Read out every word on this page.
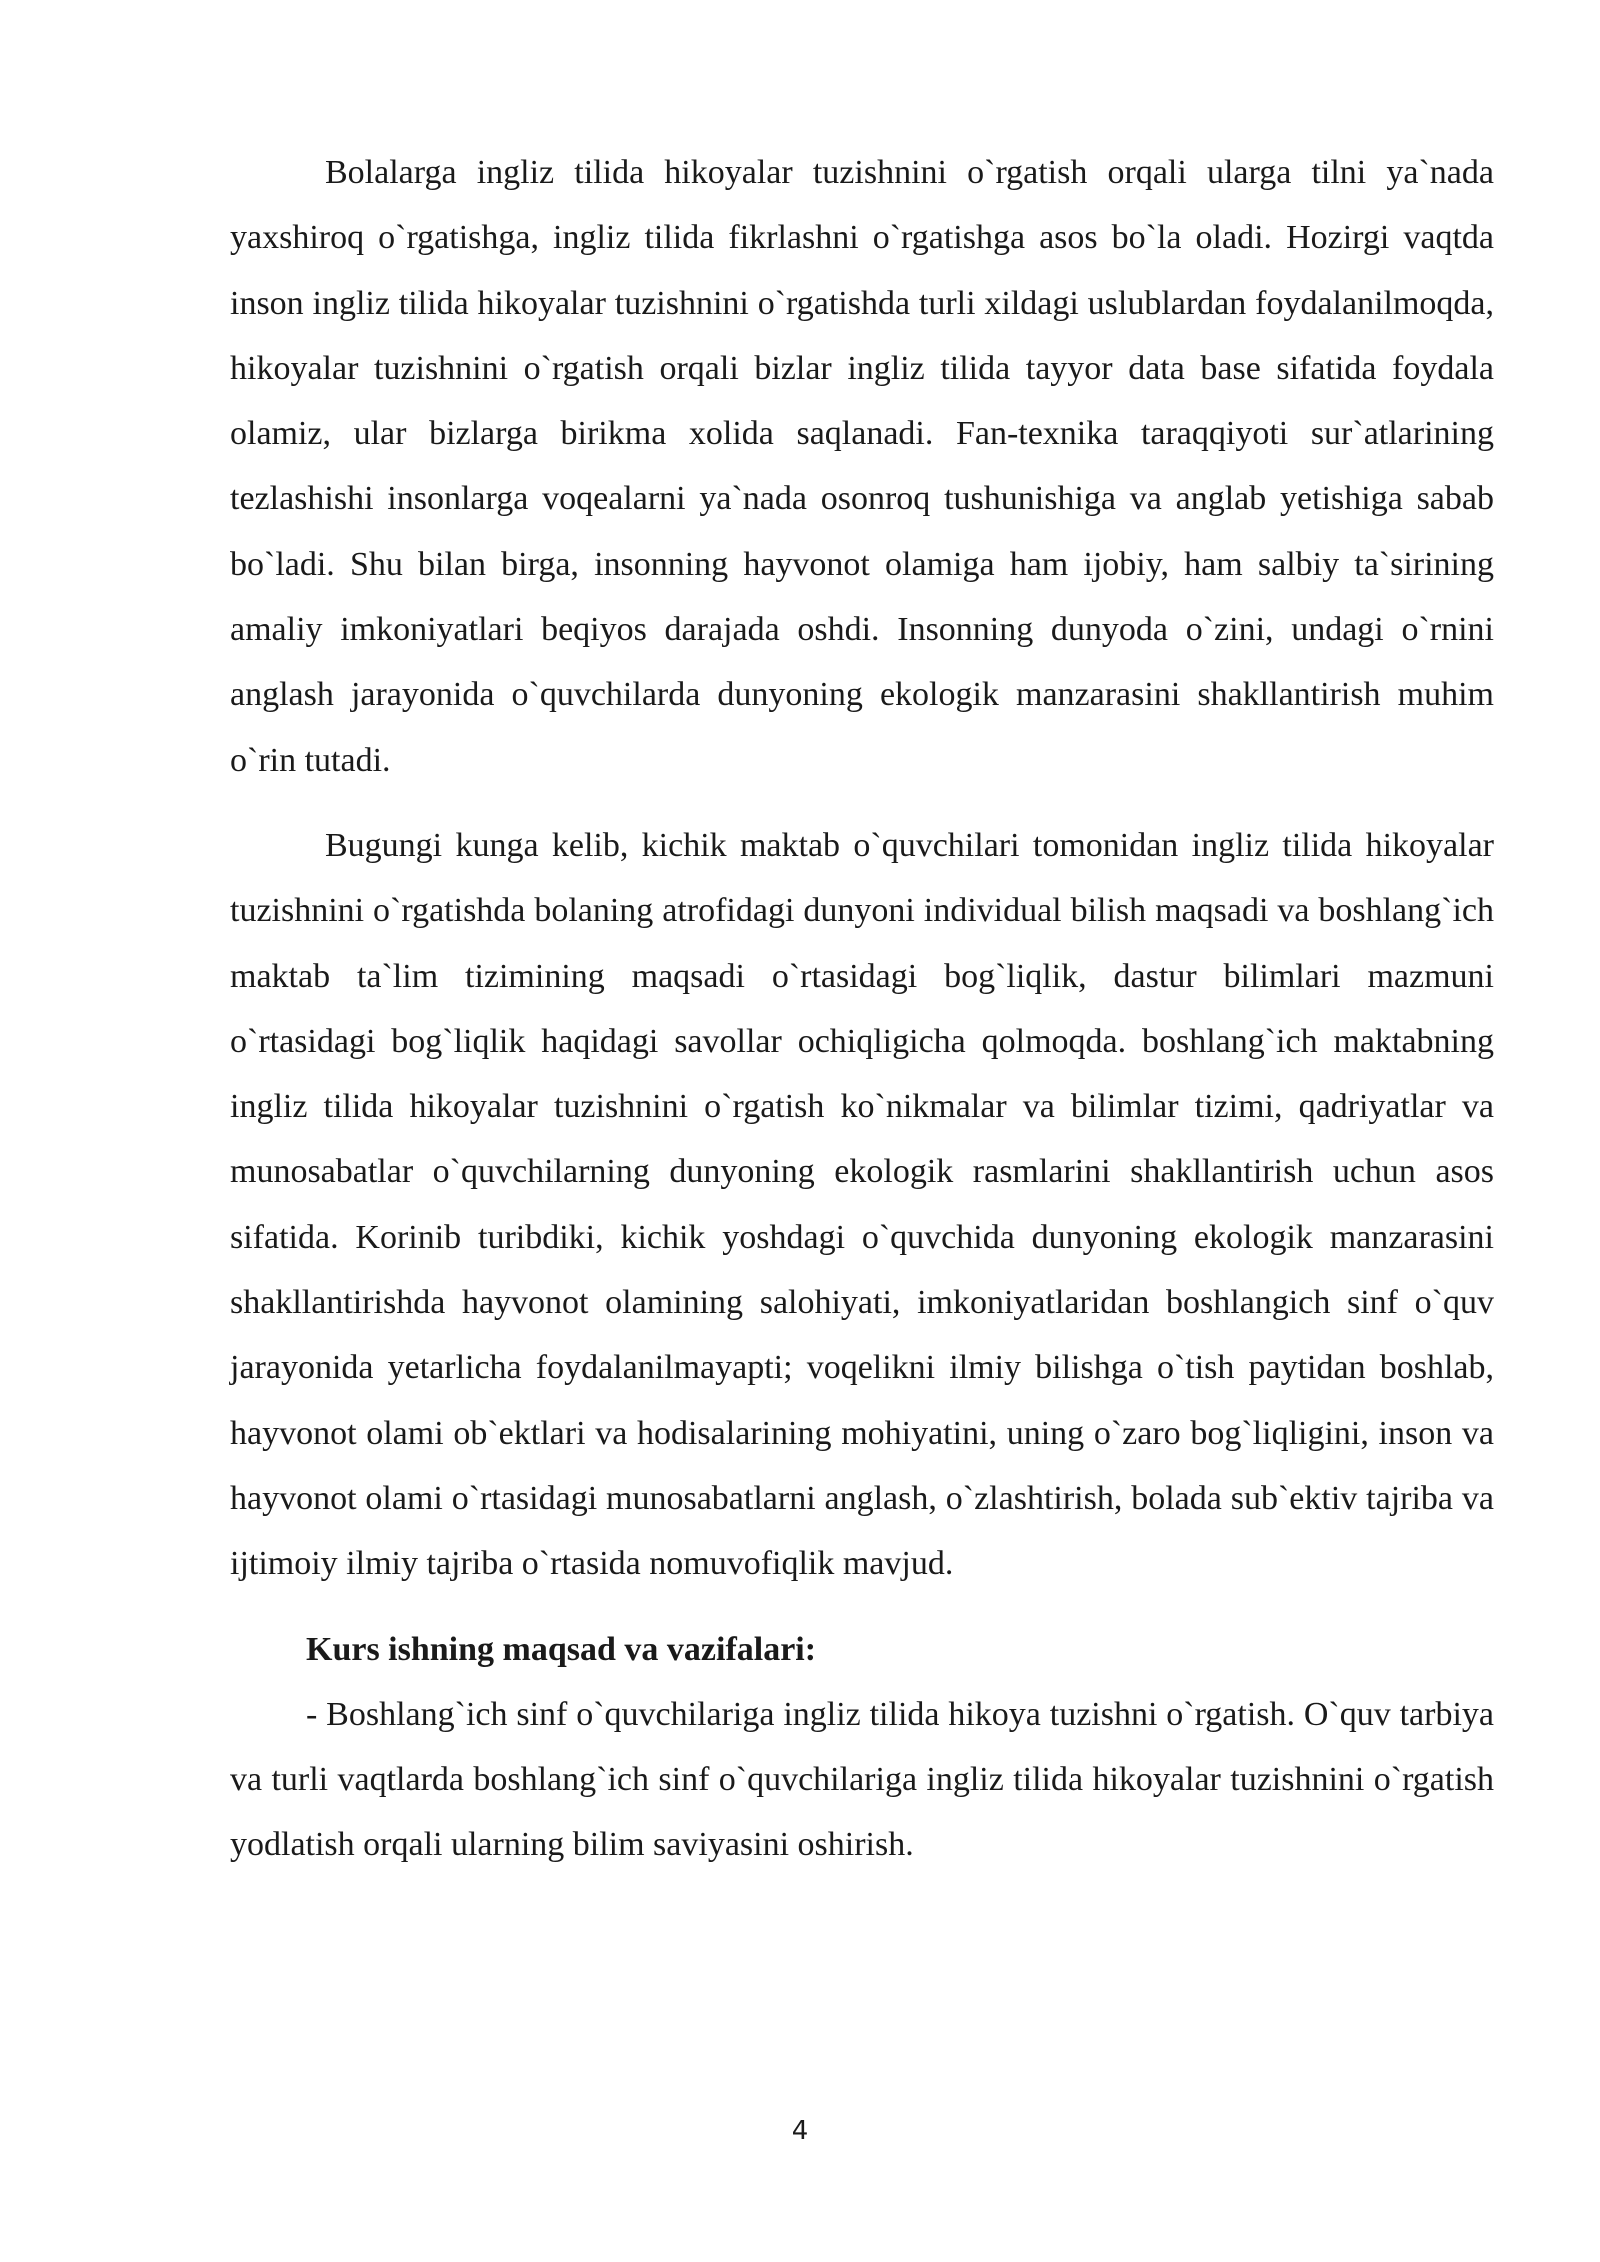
Bolalarga ingliz tilida hikoyalar tuzishnini o`rgatish orqali ularga tilni ya`nada yaxshiroq o`rgatishga, ingliz tilida fikrlashni o`rgatishga asos bo`la oladi. Hozirgi vaqtda inson ingliz tilida hikoyalar tuzishnini o`rgatishda turli xildagi uslublardan foydalanilmoqda, hikoyalar tuzishnini o`rgatish orqali bizlar ingliz tilida tayyor data base sifatida foydala olamiz, ular bizlarga birikma xolida saqlanadi. Fan-texnika taraqqiyoti sur`atlarining tezlashishi insonlarga voqealarni ya`nada osonroq tushunishiga va anglab yetishiga sabab bo`ladi. Shu bilan birga, insonning hayvonot olamiga ham ijobiy, ham salbiy ta`sirining amaliy imkoniyatlari beqiyos darajada oshdi. Insonning dunyoda o`zini, undagi o`rnini anglash jarayonida o`quvchilarda dunyoning ekologik manzarasini shakllantirish muhim o`rin tutadi.

Bugungi kunga kelib, kichik maktab o`quvchilari tomonidan ingliz tilida hikoyalar tuzishnini o`rgatishda bolaning atrofidagi dunyoni individual bilish maqsadi va boshlang`ich maktab ta`lim tizimining maqsadi o`rtasidagi bog`liqlik, dastur bilimlari mazmuni o`rtasidagi bog`liqlik haqidagi savollar ochiqligicha qolmoqda. boshlang`ich maktabning ingliz tilida hikoyalar tuzishnini o`rgatish ko`nikmalar va bilimlar tizimi, qadriyatlar va munosabatlar o`quvchilarning dunyoning ekologik rasmlarini shakllantirish uchun asos sifatida. Korinib turibdiki, kichik yoshdagi o`quvchida dunyoning ekologik manzarasini shakllantirishda hayvonot olamining salohiyati, imkoniyatlaridan boshlangich sinf o`quv jarayonida yetarlicha foydalanilmayapti; voqelikni ilmiy bilishga o`tish paytidan boshlab, hayvonot olami ob`ektlari va hodisalarining mohiyatini, uning o`zaro bog`liqligini, inson va hayvonot olami o`rtasidagi munosabatlarni anglash, o`zlashtirish, bolada sub`ektiv tajriba va ijtimoiy ilmiy tajriba o`rtasida nomuvofiqlik mavjud.

Kurs ishning maqsad va vazifalari:

- Boshlang`ich sinf o`quvchilariga ingliz tilida hikoya tuzishni o`rgatish. O`quv tarbiya va turli vaqtlarda boshlang`ich sinf o`quvchilariga ingliz tilida hikoyalar tuzishnini o`rgatish yodlatish orqali ularning bilim saviyasini oshirish.

4
